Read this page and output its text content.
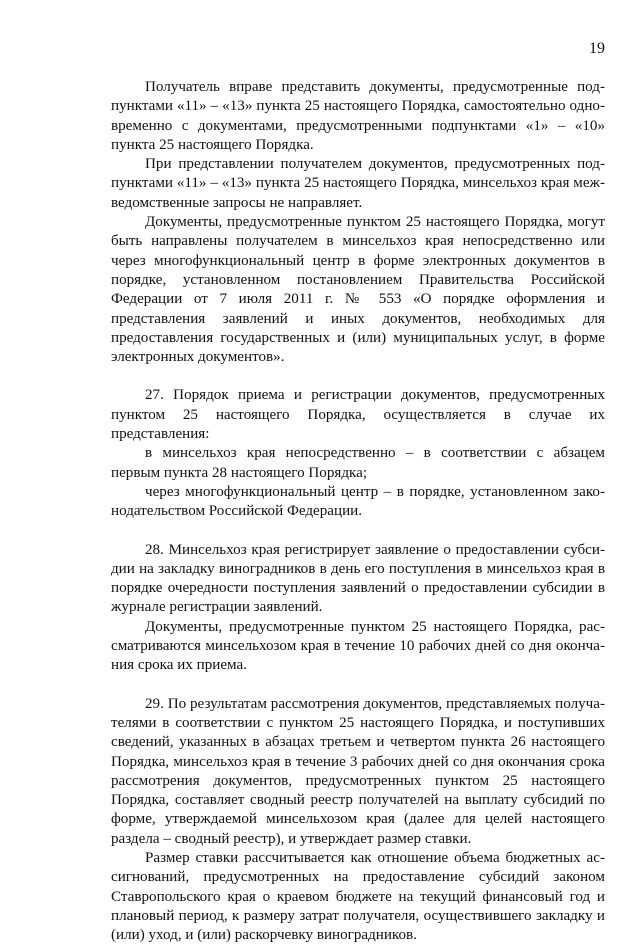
19

Получатель вправе представить документы, предусмотренные подпунктами «11» – «13» пункта 25 настоящего Порядка, самостоятельно одновременно с документами, предусмотренными подпунктами «1» – «10» пункта 25 настоящего Порядка.

При представлении получателем документов, предусмотренных подпунктами «11» – «13» пункта 25 настоящего Порядка, минсельхоз края межведомственные запросы не направляет.

Документы, предусмотренные пунктом 25 настоящего Порядка, могут быть направлены получателем в минсельхоз края непосредственно или через многофункциональный центр в форме электронных документов в порядке, установленном постановлением Правительства Российской Федерации от 7 июля 2011 г. № 553 «О порядке оформления и представления заявлений и иных документов, необходимых для предоставления государственных и (или) муниципальных услуг, в форме электронных документов».

27. Порядок приема и регистрации документов, предусмотренных пунктом 25 настоящего Порядка, осуществляется в случае их представления:

в минсельхоз края непосредственно – в соответствии с абзацем первым пункта 28 настоящего Порядка;

через многофункциональный центр – в порядке, установленном законодательством Российской Федерации.

28. Минсельхоз края регистрирует заявление о предоставлении субсидии на закладку виноградников в день его поступления в минсельхоз края в порядке очередности поступления заявлений о предоставлении субсидии в журнале регистрации заявлений.

Документы, предусмотренные пунктом 25 настоящего Порядка, рассматриваются минсельхозом края в течение 10 рабочих дней со дня окончания срока их приема.

29. По результатам рассмотрения документов, представляемых получателями в соответствии с пунктом 25 настоящего Порядка, и поступивших сведений, указанных в абзацах третьем и четвертом пункта 26 настоящего Порядка, минсельхоз края в течение 3 рабочих дней со дня окончания срока рассмотрения документов, предусмотренных пунктом 25 настоящего Порядка, составляет сводный реестр получателей на выплату субсидий по форме, утверждаемой минсельхозом края (далее для целей настоящего раздела – сводный реестр), и утверждает размер ставки.

Размер ставки рассчитывается как отношение объема бюджетных ассигнований, предусмотренных на предоставление субсидий законом Ставропольского края о краевом бюджете на текущий финансовый год и плановый период, к размеру затрат получателя, осуществившего закладку и (или) уход, и (или) раскорчевку виноградников.
